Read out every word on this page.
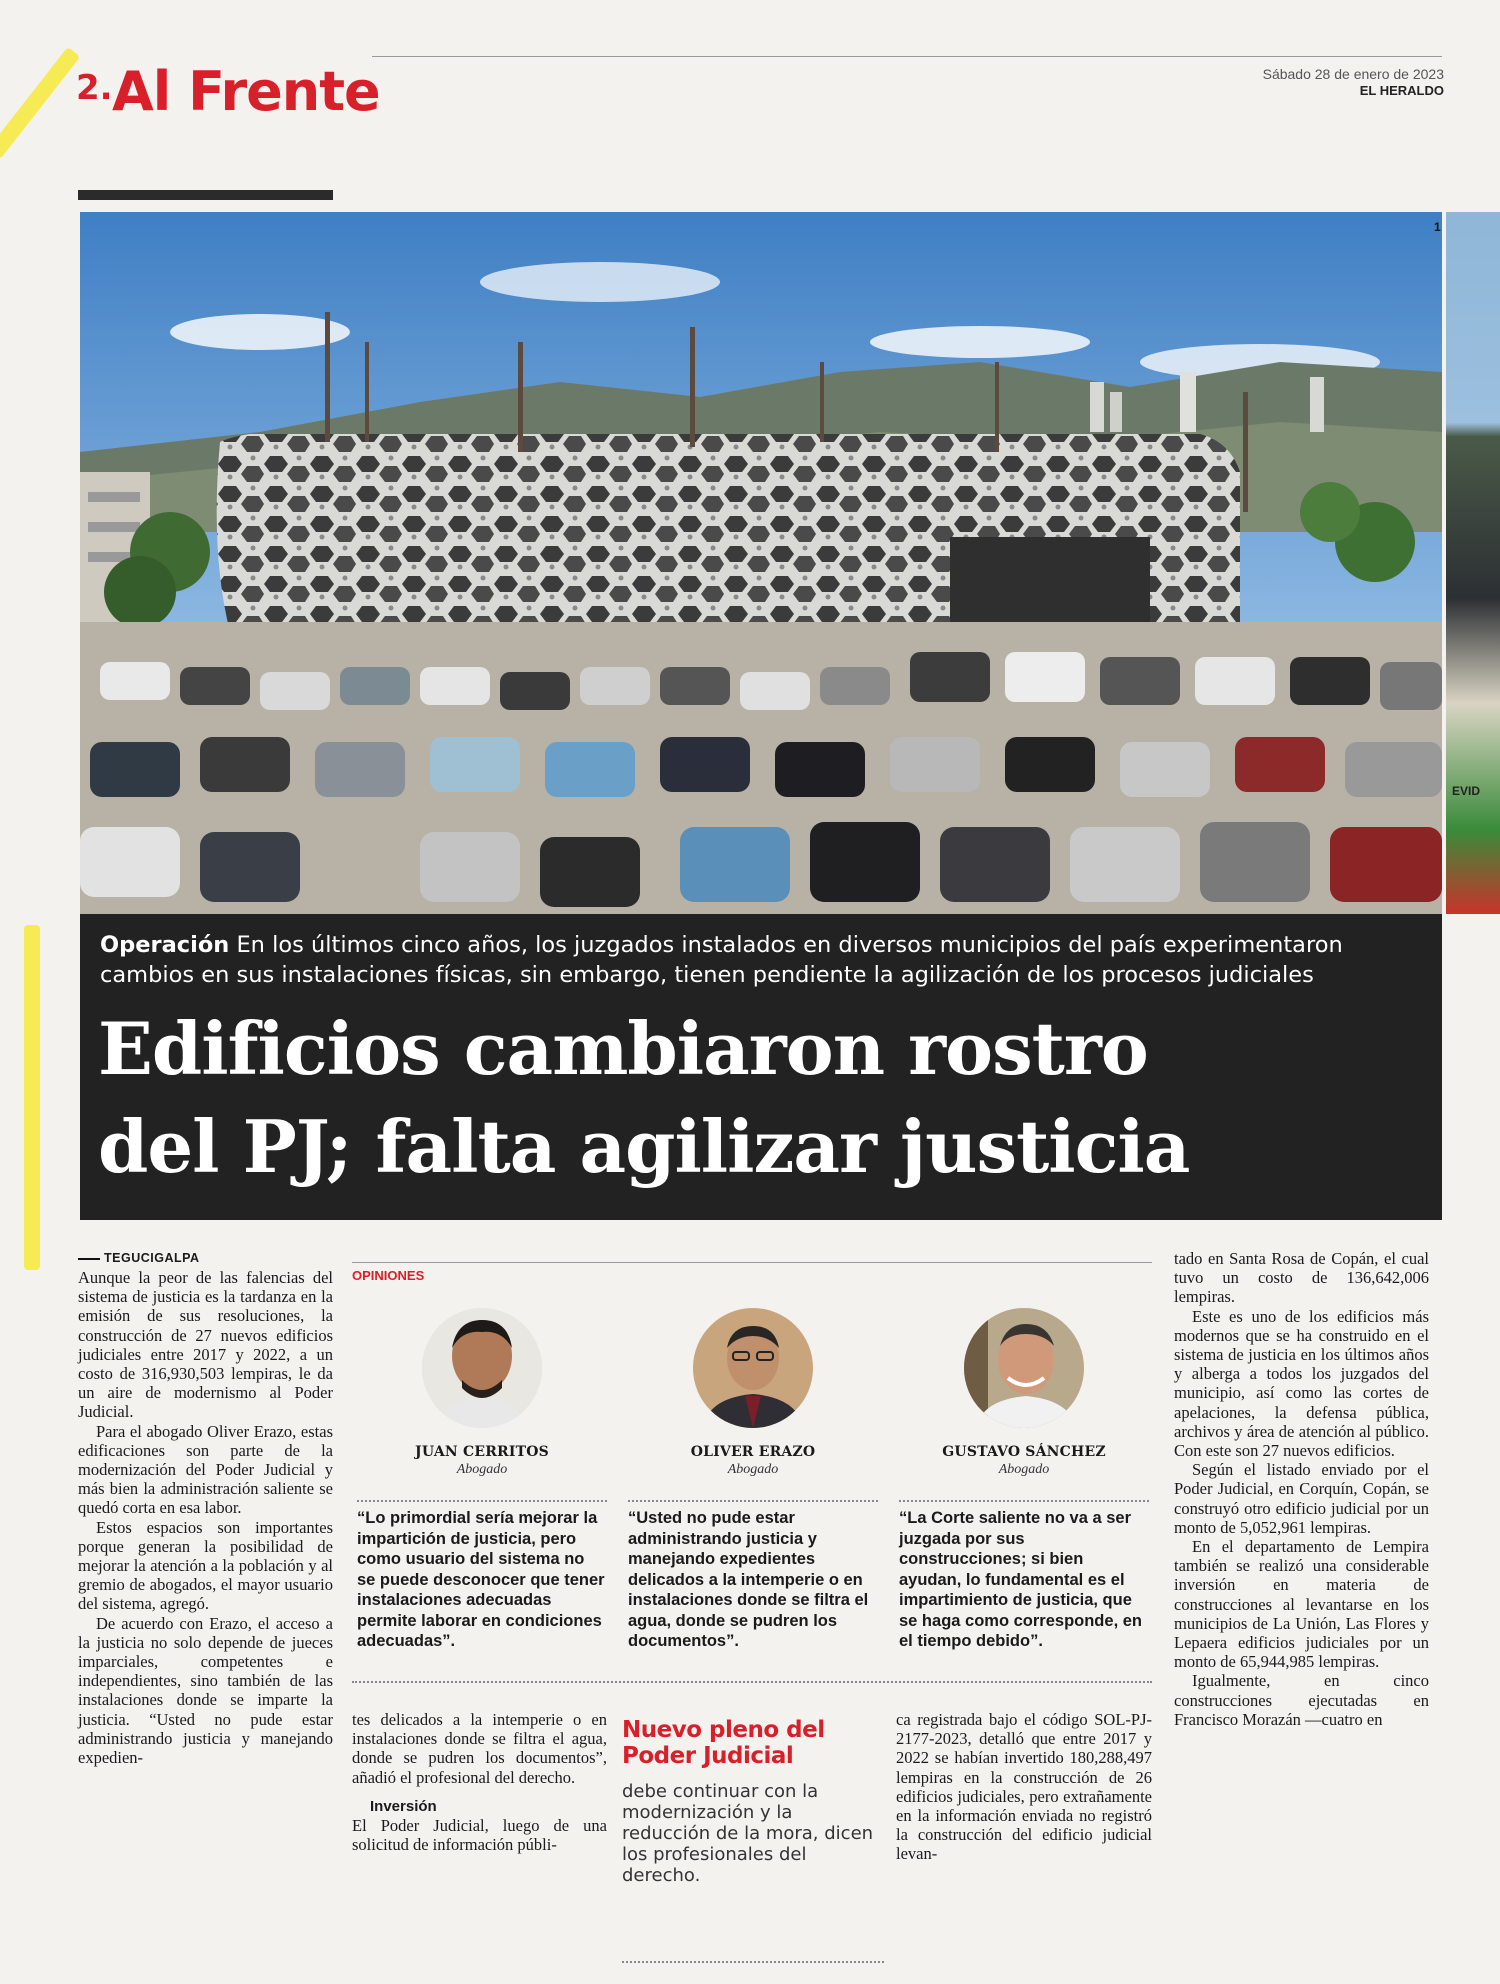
2. Al Frente	Sábado 28 de enero de 2023
EL HERALDO
1
EVID
Operación En los últimos cinco años, los juzgados instalados en diversos municipios del país experimentaron cambios en sus instalaciones físicas, sin embargo, tienen pendiente la agilización de los procesos judiciales
Edificios cambiaron rostro
del PJ; falta agilizar justicia
TEGUCIGALPA

Aunque la peor de las falencias del sistema de justicia es la tardanza en la emisión de sus resoluciones, la construcción de 27 nuevos edificios judiciales entre 2017 y 2022, a un costo de 316,930,503 lempiras, le da un aire de modernismo al Poder Judicial.

Para el abogado Oliver Erazo, estas edificaciones son parte de la modernización del Poder Judicial y más bien la administración saliente se quedó corta en esa labor.

Estos espacios son importantes porque generan la posibilidad de mejorar la atención a la población y al gremio de abogados, el mayor usuario del sistema, agregó.

De acuerdo con Erazo, el acceso a la justicia no solo depende de jueces imparciales, competentes e independientes, sino también de las instalaciones donde se imparte la justicia. “Usted no pude estar administrando justicia y manejando expedien-

OPINIONES
JUAN CERRITOS
Abogado
“Lo primordial sería mejorar la impartición de justicia, pero como usuario del sistema no se puede desconocer que tener instalaciones adecuadas permite laborar en condiciones adecuadas”.
OLIVER ERAZO
Abogado
“Usted no pude estar administrando justicia y manejando expedientes delicados a la intemperie o en instalaciones donde se filtra el agua, donde se pudren los documentos”.
GUSTAVO SÁNCHEZ
Abogado
“La Corte saliente no va a ser juzgada por sus construcciones; si bien ayudan, lo fundamental es el impartimiento de justicia, que se haga como corresponde, en el tiempo debido”.

tes delicados a la intemperie o en instalaciones donde se filtra el agua, donde se pudren los documentos”, añadió el profesional del derecho.

Inversión

El Poder Judicial, luego de una solicitud de información públi-

Nuevo pleno del Poder Judicial
debe continuar con la modernización y la reducción de la mora, dicen los profesionales del derecho.

ca registrada bajo el código SOL-PJ-2177-2023, detalló que entre 2017 y 2022 se habían invertido 180,288,497 lempiras en la construcción de 26 edificios judiciales, pero extrañamente en la información enviada no registró la construcción del edificio judicial levan-

tado en Santa Rosa de Copán, el cual tuvo un costo de 136,642,006 lempiras.

Este es uno de los edificios más modernos que se ha construido en el sistema de justicia en los últimos años y alberga a todos los juzgados del municipio, así como las cortes de apelaciones, la defensa pública, archivos y área de atención al público. Con este son 27 nuevos edificios.

Según el listado enviado por el Poder Judicial, en Corquín, Copán, se construyó otro edificio judicial por un monto de 5,052,961 lempiras.

En el departamento de Lempira también se realizó una considerable inversión en materia de construcciones al levantarse en los municipios de La Unión, Las Flores y Lepaera edificios judiciales por un monto de 65,944,985 lempiras.

Igualmente, en cinco construcciones ejecutadas en Francisco Morazán —cuatro en
